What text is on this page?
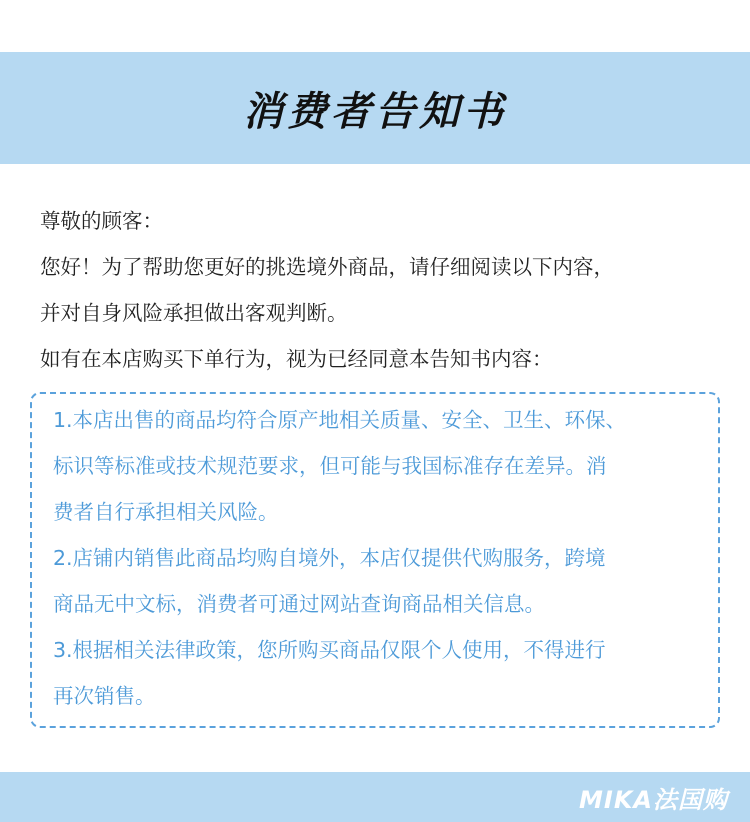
消费者告知书

尊敬的顾客：

您好！为了帮助您更好的挑选境外商品，请仔细阅读以下内容，

并对自身风险承担做出客观判断。

如有在本店购买下单行为，视为已经同意本告知书内容：

1.本店出售的商品均符合原产地相关质量、安全、卫生、环保、

标识等标准或技术规范要求，但可能与我国标准存在差异。消

费者自行承担相关风险。

2.店铺内销售此商品均购自境外，本店仅提供代购服务，跨境

商品无中文标，消费者可通过网站查询商品相关信息。

3.根据相关法律政策，您所购买商品仅限个人使用，不得进行

再次销售。

MIKA法国购
